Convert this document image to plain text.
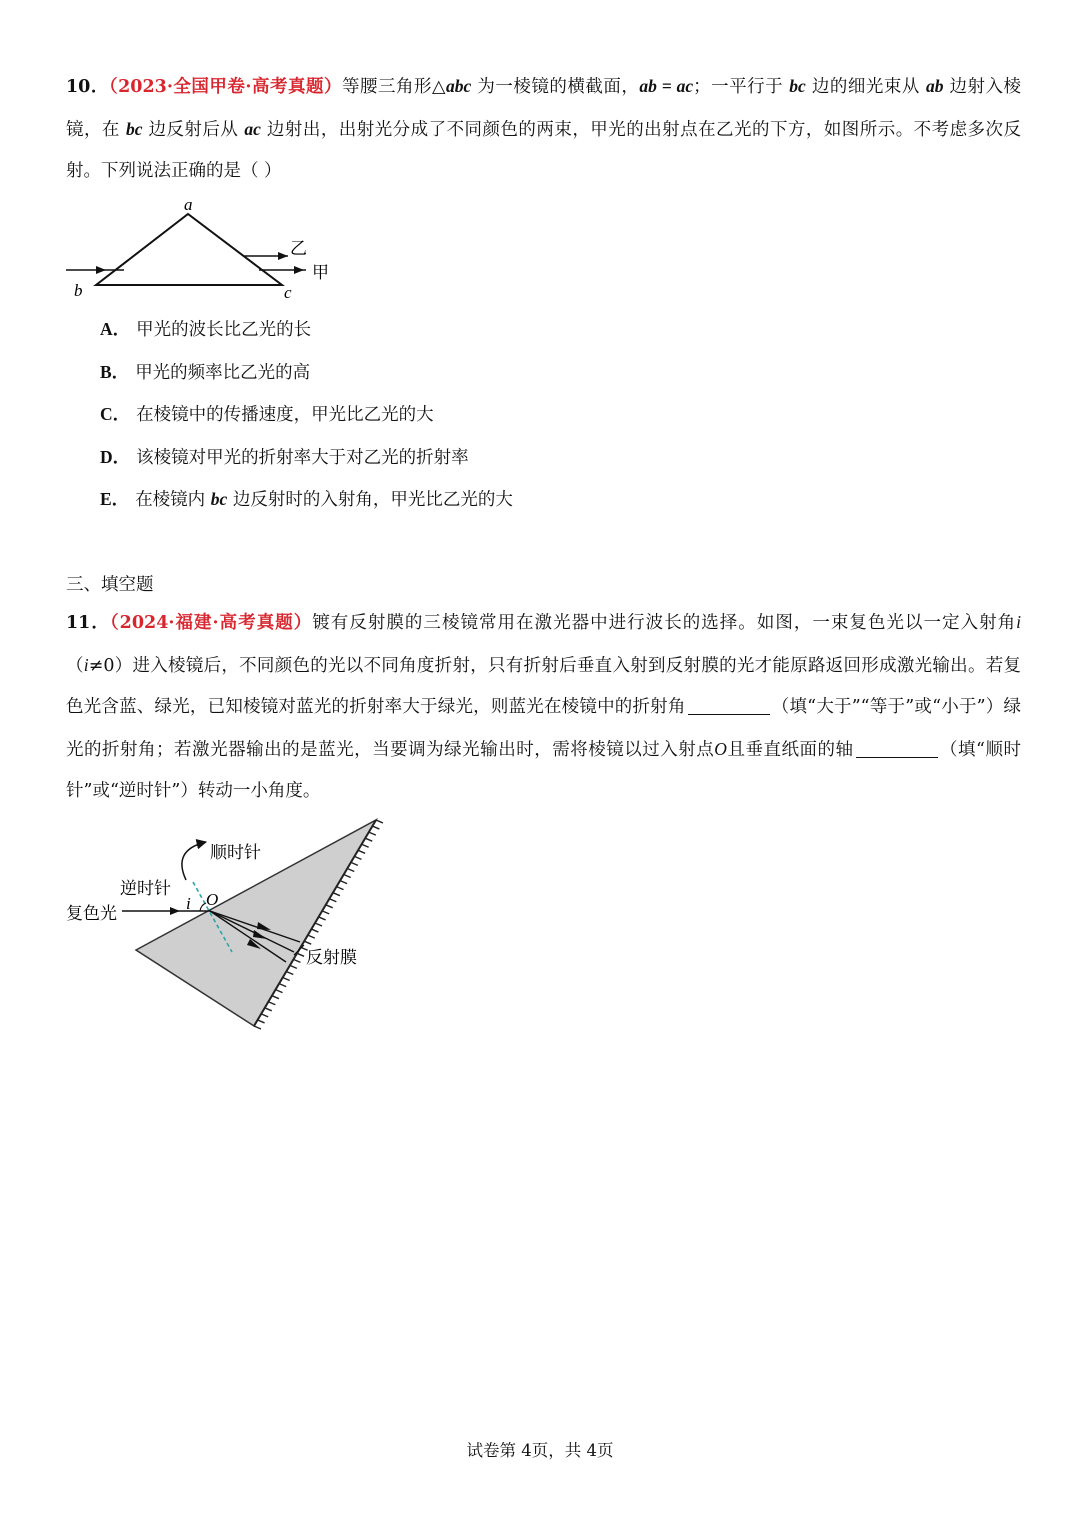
10．（2023·全国甲卷·高考真题）等腰三角形△abc 为一棱镜的横截面，ab = ac；一平行于 bc 边的细光束从 ab 边射入棱镜，在 bc 边反射后从 ac 边射出，出射光分成了不同颜色的两束，甲光的出射点在乙光的下方，如图所示。不考虑多次反射。下列说法正确的是（ ）
a
b	c
乙
甲
A． 甲光的波长比乙光的长
B． 甲光的频率比乙光的高
C． 在棱镜中的传播速度，甲光比乙光的大
D． 该棱镜对甲光的折射率大于对乙光的折射率
E． 在棱镜内 bc 边反射时的入射角，甲光比乙光的大
三、填空题
11．（2024·福建·高考真题）镀有反射膜的三棱镜常用在激光器中进行波长的选择。如图，一束复色光以一定入射角i（i≠0）进入棱镜后，不同颜色的光以不同角度折射，只有折射后垂直入射到反射膜的光才能原路返回形成激光输出。若复色光含蓝、绿光，已知棱镜对蓝光的折射率大于绿光，则蓝光在棱镜中的折射角	（填“大于”“等于”或“小于”）绿光的折射角；若激光器输出的是蓝光，当要调为绿光输出时，需将棱镜以过入射点O且垂直纸面的轴	（填“顺时针”或“逆时针”）转动一小角度。
顺时针
逆时针
复色光
i O
反射膜
试卷第 4页，共 4页
